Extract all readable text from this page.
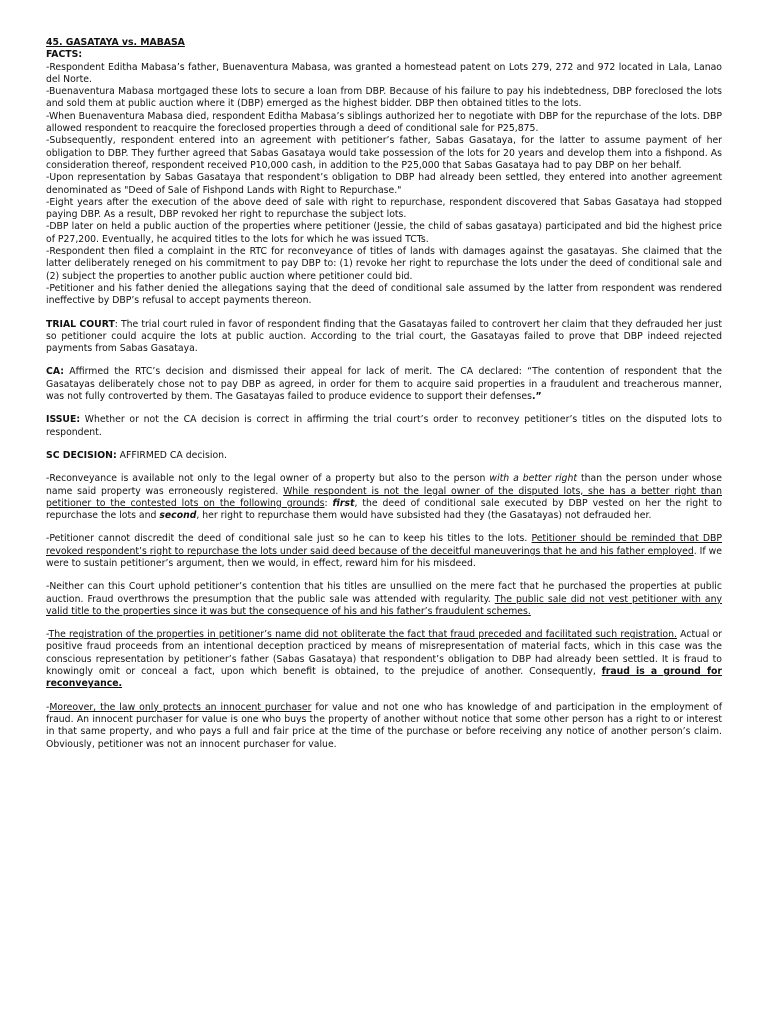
45. GASATAYA vs. MABASA

FACTS:

-Respondent Editha Mabasa’s father, Buenaventura Mabasa, was granted a homestead patent on Lots 279, 272 and 972 located in Lala, Lanao del Norte.

-Buenaventura Mabasa mortgaged these lots to secure a loan from DBP. Because of his failure to pay his indebtedness, DBP foreclosed the lots and sold them at public auction where it (DBP) emerged as the highest bidder. DBP then obtained titles to the lots.

-When Buenaventura Mabasa died, respondent Editha Mabasa’s siblings authorized her to negotiate with DBP for the repurchase of the lots. DBP allowed respondent to reacquire the foreclosed properties through a deed of conditional sale for P25,875.

-Subsequently, respondent entered into an agreement with petitioner’s father, Sabas Gasataya, for the latter to assume payment of her obligation to DBP. They further agreed that Sabas Gasataya would take possession of the lots for 20 years and develop them into a fishpond. As consideration thereof, respondent received P10,000 cash, in addition to the P25,000 that Sabas Gasataya had to pay DBP on her behalf.

-Upon representation by Sabas Gasataya that respondent’s obligation to DBP had already been settled, they entered into another agreement denominated as "Deed of Sale of Fishpond Lands with Right to Repurchase."

-Eight years after the execution of the above deed of sale with right to repurchase, respondent discovered that Sabas Gasataya had stopped paying DBP. As a result, DBP revoked her right to repurchase the subject lots.

-DBP later on held a public auction of the properties where petitioner (Jessie, the child of sabas gasataya) participated and bid the highest price of P27,200. Eventually, he acquired titles to the lots for which he was issued TCTs.

-Respondent then filed a complaint in the RTC for reconveyance of titles of lands with damages against the gasatayas. She claimed that the latter deliberately reneged on his commitment to pay DBP to: (1) revoke her right to repurchase the lots under the deed of conditional sale and (2) subject the properties to another public auction where petitioner could bid.

-Petitioner and his father denied the allegations saying that the deed of conditional sale assumed by the latter from respondent was rendered ineffective by DBP’s refusal to accept payments thereon.

TRIAL COURT: The trial court ruled in favor of respondent finding that the Gasatayas failed to controvert her claim that they defrauded her just so petitioner could acquire the lots at public auction. According to the trial court, the Gasatayas failed to prove that DBP indeed rejected payments from Sabas Gasataya.

CA: Affirmed the RTC’s decision and dismissed their appeal for lack of merit. The CA declared: “The contention of respondent that the Gasatayas deliberately chose not to pay DBP as agreed, in order for them to acquire said properties in a fraudulent and treacherous manner, was not fully controverted by them. The Gasatayas failed to produce evidence to support their defenses.”

ISSUE: Whether or not the CA decision is correct in affirming the trial court’s order to reconvey petitioner’s titles on the disputed lots to respondent.

SC DECISION: AFFIRMED CA decision.

-Reconveyance is available not only to the legal owner of a property but also to the person with a better right than the person under whose name said property was erroneously registered. While respondent is not the legal owner of the disputed lots, she has a better right than petitioner to the contested lots on the following grounds: first, the deed of conditional sale executed by DBP vested on her the right to repurchase the lots and second, her right to repurchase them would have subsisted had they (the Gasatayas) not defrauded her.

-Petitioner cannot discredit the deed of conditional sale just so he can to keep his titles to the lots. Petitioner should be reminded that DBP revoked respondent’s right to repurchase the lots under said deed because of the deceitful maneuverings that he and his father employed. If we were to sustain petitioner’s argument, then we would, in effect, reward him for his misdeed.

-Neither can this Court uphold petitioner’s contention that his titles are unsullied on the mere fact that he purchased the properties at public auction. Fraud overthrows the presumption that the public sale was attended with regularity. The public sale did not vest petitioner with any valid title to the properties since it was but the consequence of his and his father’s fraudulent schemes.

-The registration of the properties in petitioner’s name did not obliterate the fact that fraud preceded and facilitated such registration. Actual or positive fraud proceeds from an intentional deception practiced by means of misrepresentation of material facts, which in this case was the conscious representation by petitioner’s father (Sabas Gasataya) that respondent’s obligation to DBP had already been settled. It is fraud to knowingly omit or conceal a fact, upon which benefit is obtained, to the prejudice of another. Consequently, fraud is a ground for reconveyance.

-Moreover, the law only protects an innocent purchaser for value and not one who has knowledge of and participation in the employment of fraud. An innocent purchaser for value is one who buys the property of another without notice that some other person has a right to or interest in that same property, and who pays a full and fair price at the time of the purchase or before receiving any notice of another person’s claim. Obviously, petitioner was not an innocent purchaser for value.
